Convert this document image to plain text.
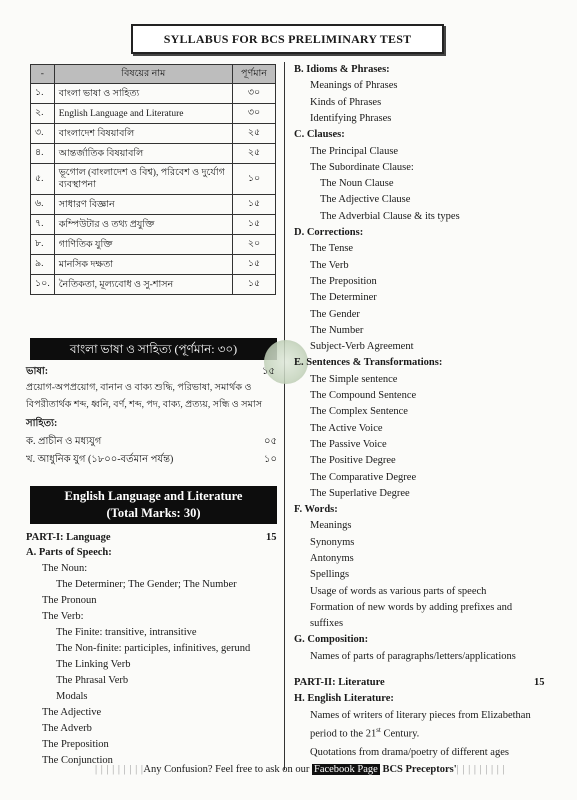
SYLLABUS FOR BCS PRELIMINARY TEST
-	বিষয়ের নাম	পূর্ণমান
১.	বাংলা ভাষা ও সাহিত্য	৩০
২.	English Language and Literature	৩০
৩.	বাংলাদেশ বিষয়াবলি	২৫
৪.	আন্তর্জাতিক বিষয়াবলি	২৫
৫.	ভূগোল (বাংলাদেশ ও বিশ্ব), পরিবেশ ও দুর্যোগ ব্যবস্থাপনা	১০
৬.	সাধারণ বিজ্ঞান	১৫
৭.	কম্পিউটার ও তথ্য প্রযুক্তি	১৫
৮.	গাণিতিক যুক্তি	২০
৯.	মানসিক দক্ষতা	১৫
১০.	নৈতিকতা, মূল্যবোধ ও সু-শাসন	১৫
বাংলা ভাষা ও সাহিত্য (পূর্ণমান: ৩০)
ভাষা:	১৫
প্রয়োগ-অপপ্রয়োগ, বানান ও বাক্য শুদ্ধি, পরিভাষা, সমার্থক ও
বিপরীতার্থক শব্দ, ধ্বনি, বর্ণ, শব্দ, পদ, বাক্য, প্রত্যয়, সন্ধি ও সমাস
সাহিত্য:
ক. প্রাচীন ও মধ্যযুগ	০৫
খ. আধুনিক যুগ (১৮০০-বর্তমান পর্যন্ত)	১০
English Language and Literature
(Total Marks: 30)
PART-I: Language	15
A. Parts of Speech:
The Noun:
The Determiner; The Gender; The Number
The Pronoun
The Verb:
The Finite: transitive, intransitive
The Non-finite: participles, infinitives, gerund
The Linking Verb
The Phrasal Verb
Modals
The Adjective
The Adverb
The Preposition
The Conjunction
B. Idioms & Phrases:
Meanings of Phrases
Kinds of Phrases
Identifying Phrases
C. Clauses:
The Principal Clause
The Subordinate Clause:
The Noun Clause
The Adjective Clause
The Adverbial Clause & its types
D. Corrections:
The Tense
The Verb
The Preposition
The Determiner
The Gender
The Number
Subject-Verb Agreement
E. Sentences & Transformations:
The Simple sentence
The Compound Sentence
The Complex Sentence
The Active Voice
The Passive Voice
The Positive Degree
The Comparative Degree
The Superlative Degree
F. Words:
Meanings
Synonyms
Antonyms
Spellings
Usage of words as various parts of speech
Formation of new words by adding prefixes and
suffixes
G. Composition:
Names of parts of paragraphs/letters/applications
PART-II: Literature	15
H. English Literature:
Names of writers of literary pieces from Elizabethan
period to the 21st Century.
Quotations from drama/poetry of different ages
| | | | | | | | |Any Confusion? Feel free to ask on our Facebook Page BCS Preceptors'| | | | | | | | |
